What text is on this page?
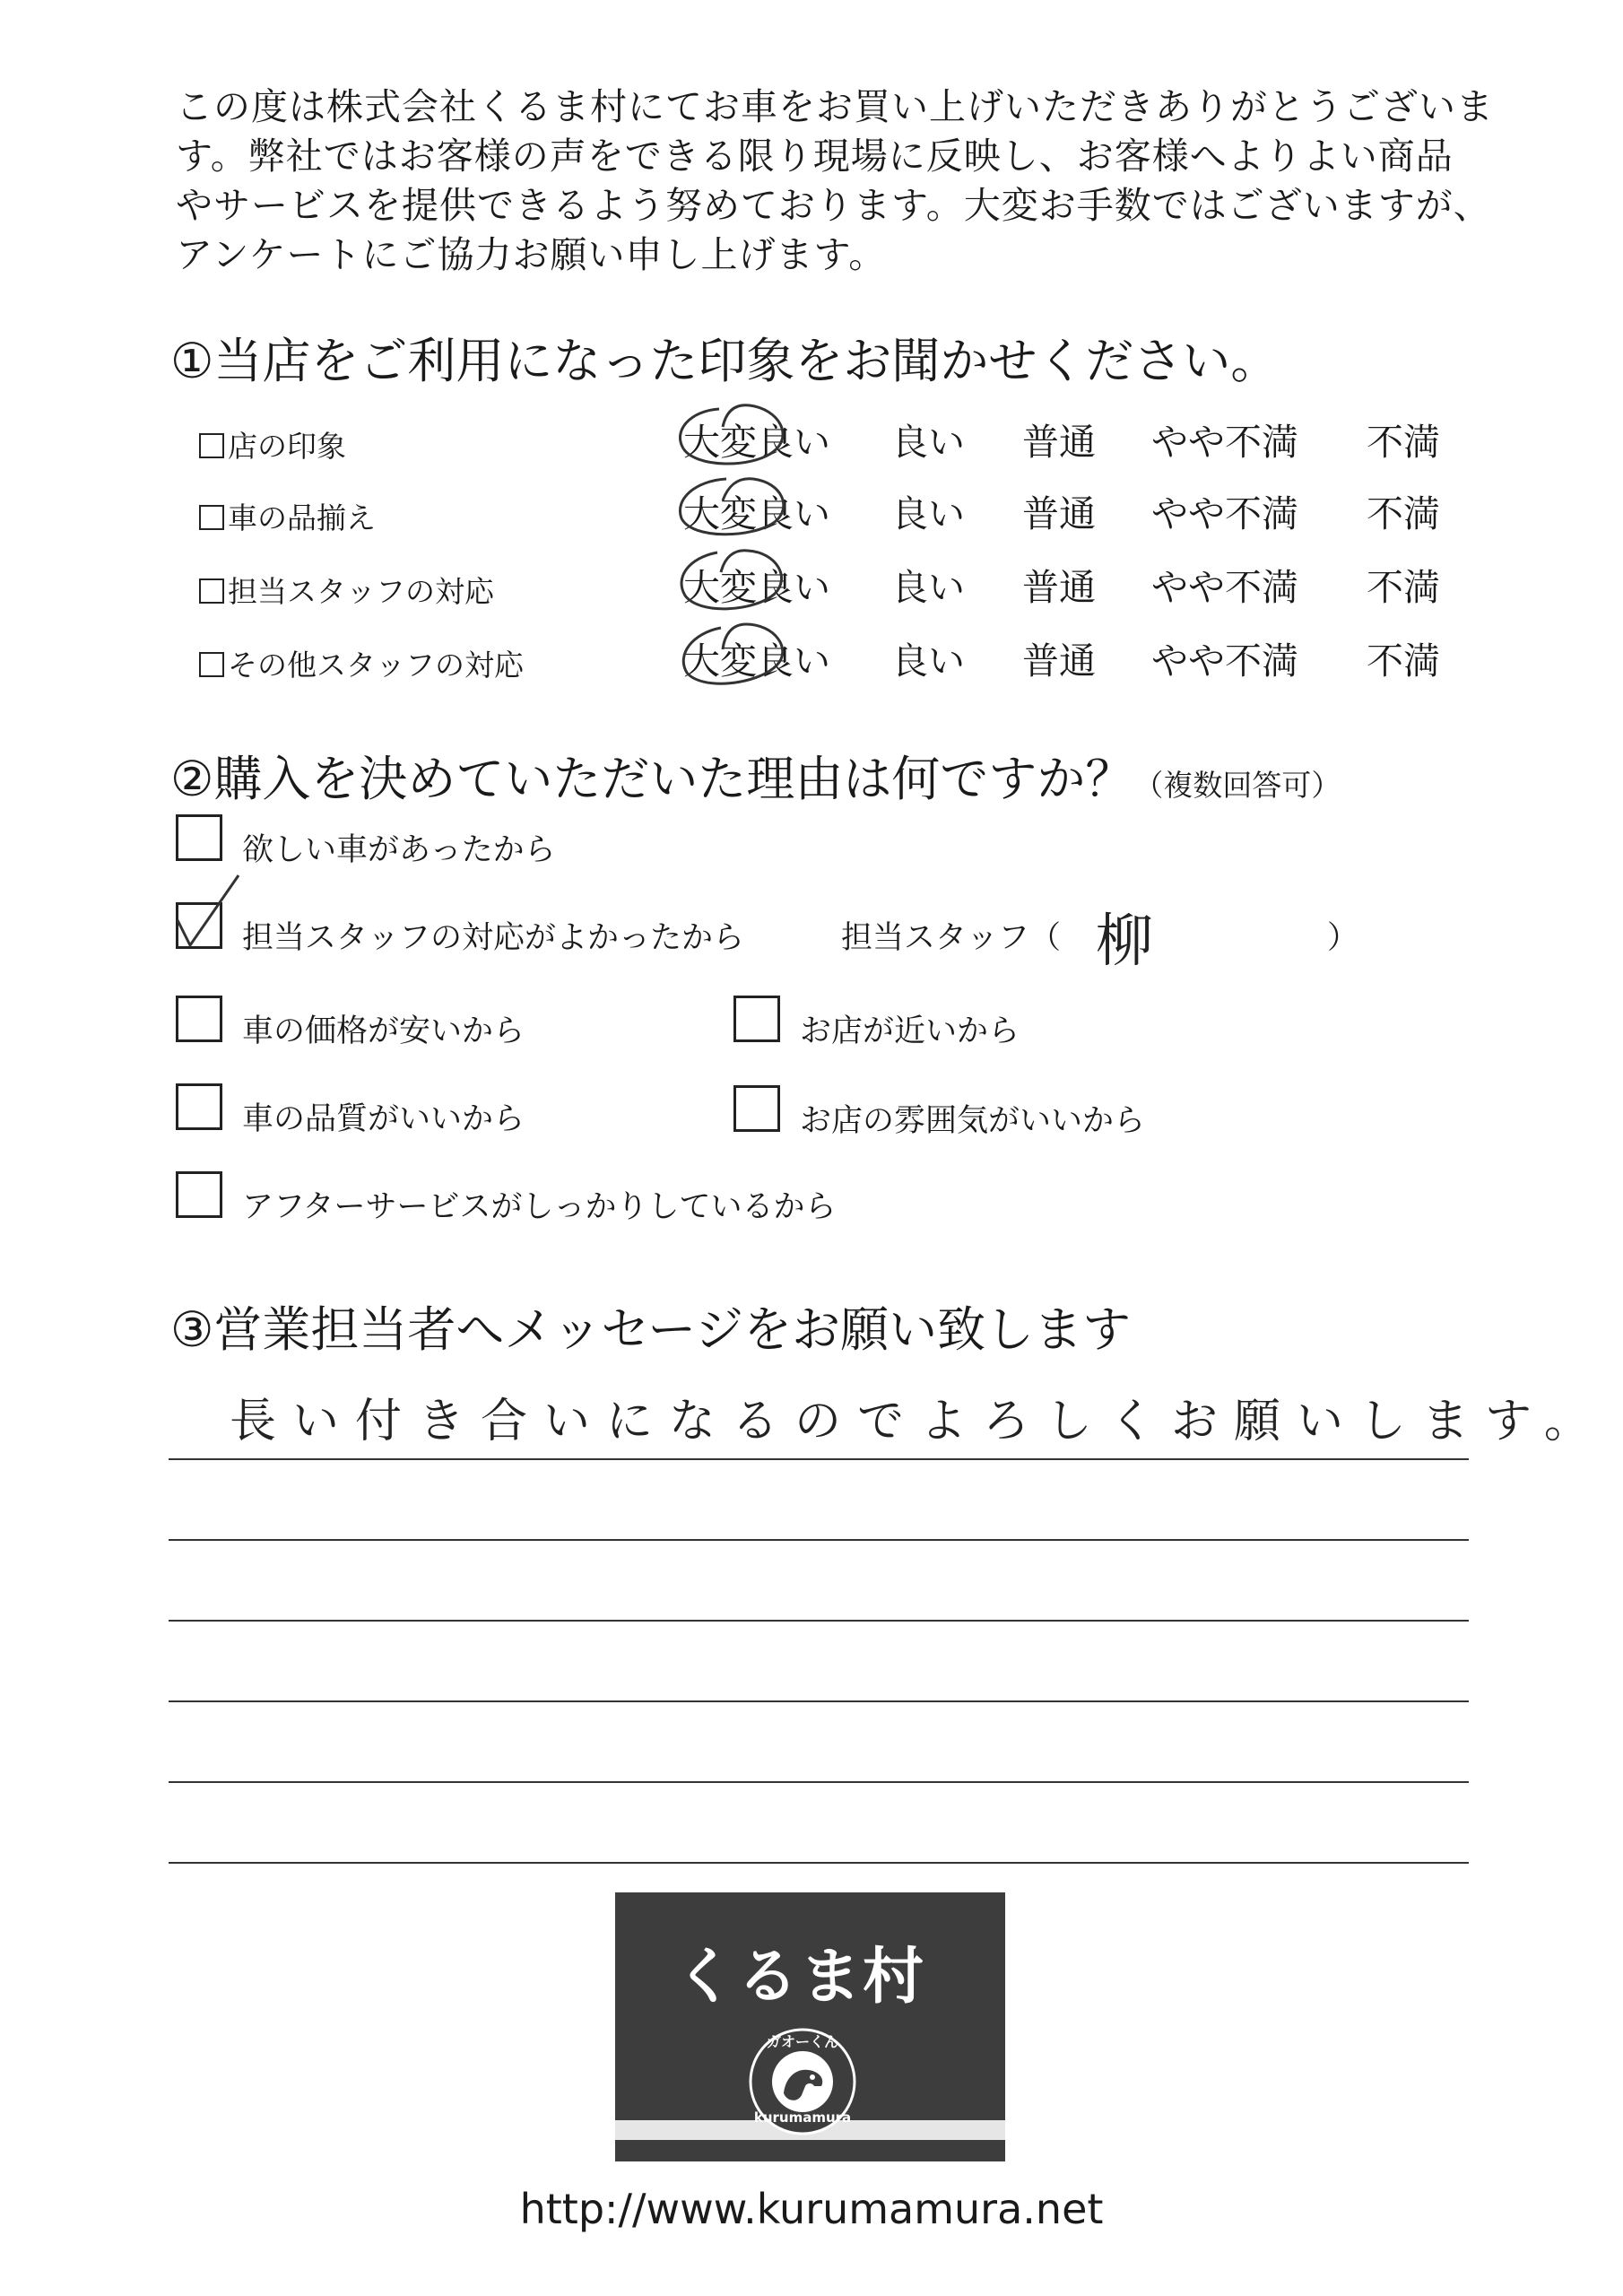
この度は株式会社くるま村にてお車をお買い上げいただきありがとうございま
す。弊社ではお客様の声をできる限り現場に反映し、お客様へよりよい商品
やサービスを提供できるよう努めております。大変お手数ではございますが、
アンケートにご協力お願い申し上げます。
①当店をご利用になった印象をお聞かせください。
店の印象	大変良い 良い 普通 やや不満 不満
車の品揃え	大変良い 良い 普通 やや不満 不満
担当スタッフの対応	大変良い 良い 普通 やや不満 不満
その他スタッフの対応	大変良い 良い 普通 やや不満 不満
②購入を決めていただいた理由は何ですか？（複数回答可）
欲しい車があったから
担当スタッフの対応がよかったから	担当スタッフ（ 柳	）
車の価格が安いから	お店が近いから
車の品質がいいから	お店の雰囲気がいいから
アフターサービスがしっかりしているから
③営業担当者へメッセージをお願い致します
長い付き合いになるのでよろしくお願いします。
くるま村
ガオーくん
kurumamura
http://www.kurumamura.net
